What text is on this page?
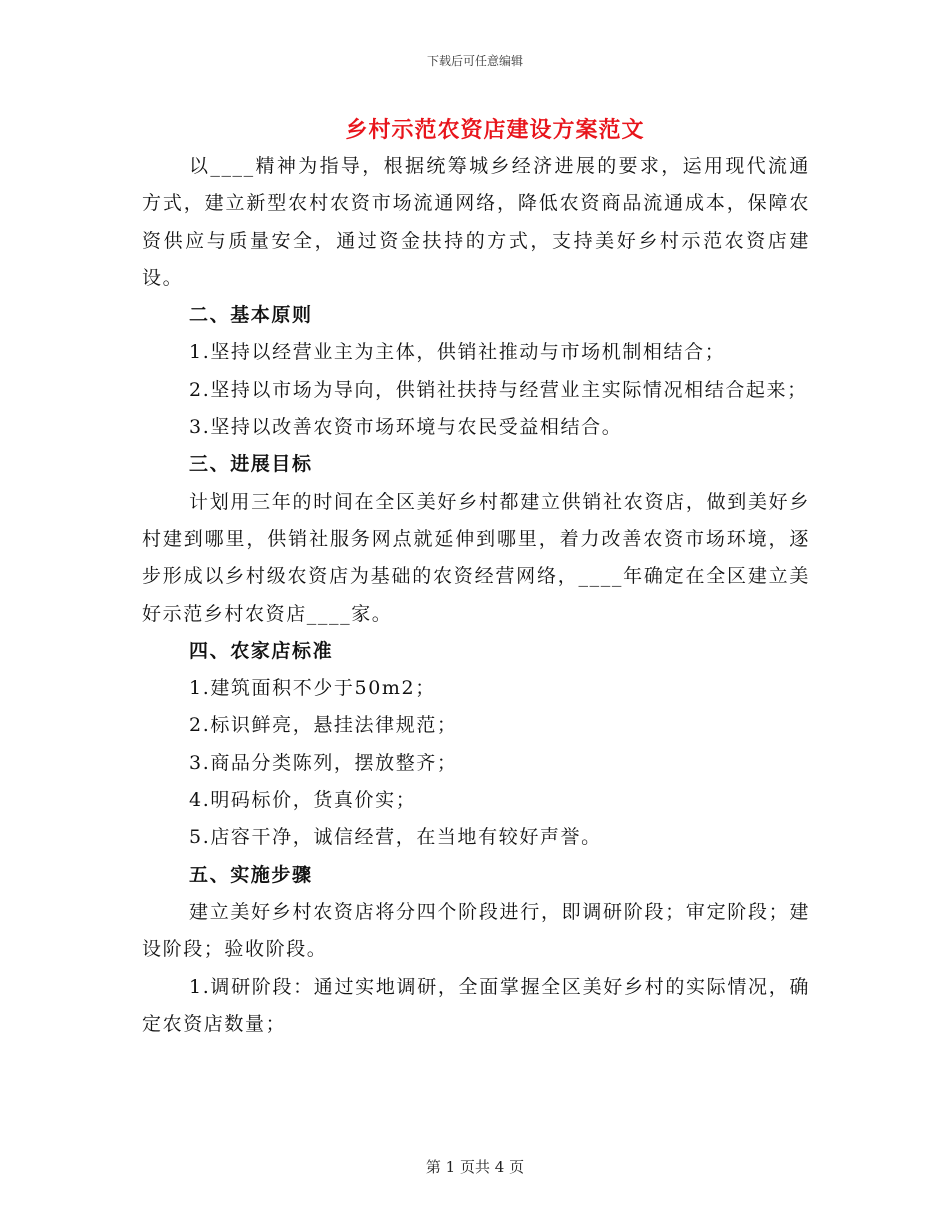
下载后可任意编辑
乡村示范农资店建设方案范文

以____精神为指导，根据统筹城乡经济进展的要求，运用现代流通方式，建立新型农村农资市场流通网络，降低农资商品流通成本，保障农资供应与质量安全，通过资金扶持的方式，支持美好乡村示范农资店建设。

二、基本原则

1.坚持以经营业主为主体，供销社推动与市场机制相结合；

2.坚持以市场为导向，供销社扶持与经营业主实际情况相结合起来；

3.坚持以改善农资市场环境与农民受益相结合。

三、进展目标

计划用三年的时间在全区美好乡村都建立供销社农资店，做到美好乡村建到哪里，供销社服务网点就延伸到哪里，着力改善农资市场环境，逐步形成以乡村级农资店为基础的农资经营网络，____年确定在全区建立美好示范乡村农资店____家。

四、农家店标准

1.建筑面积不少于50m2；

2.标识鲜亮，悬挂法律规范；

3.商品分类陈列，摆放整齐；

4.明码标价，货真价实；

5.店容干净，诚信经营，在当地有较好声誉。

五、实施步骤

建立美好乡村农资店将分四个阶段进行，即调研阶段；审定阶段；建设阶段；验收阶段。

1.调研阶段：通过实地调研，全面掌握全区美好乡村的实际情况，确定农资店数量；

第 1 页共 4 页
